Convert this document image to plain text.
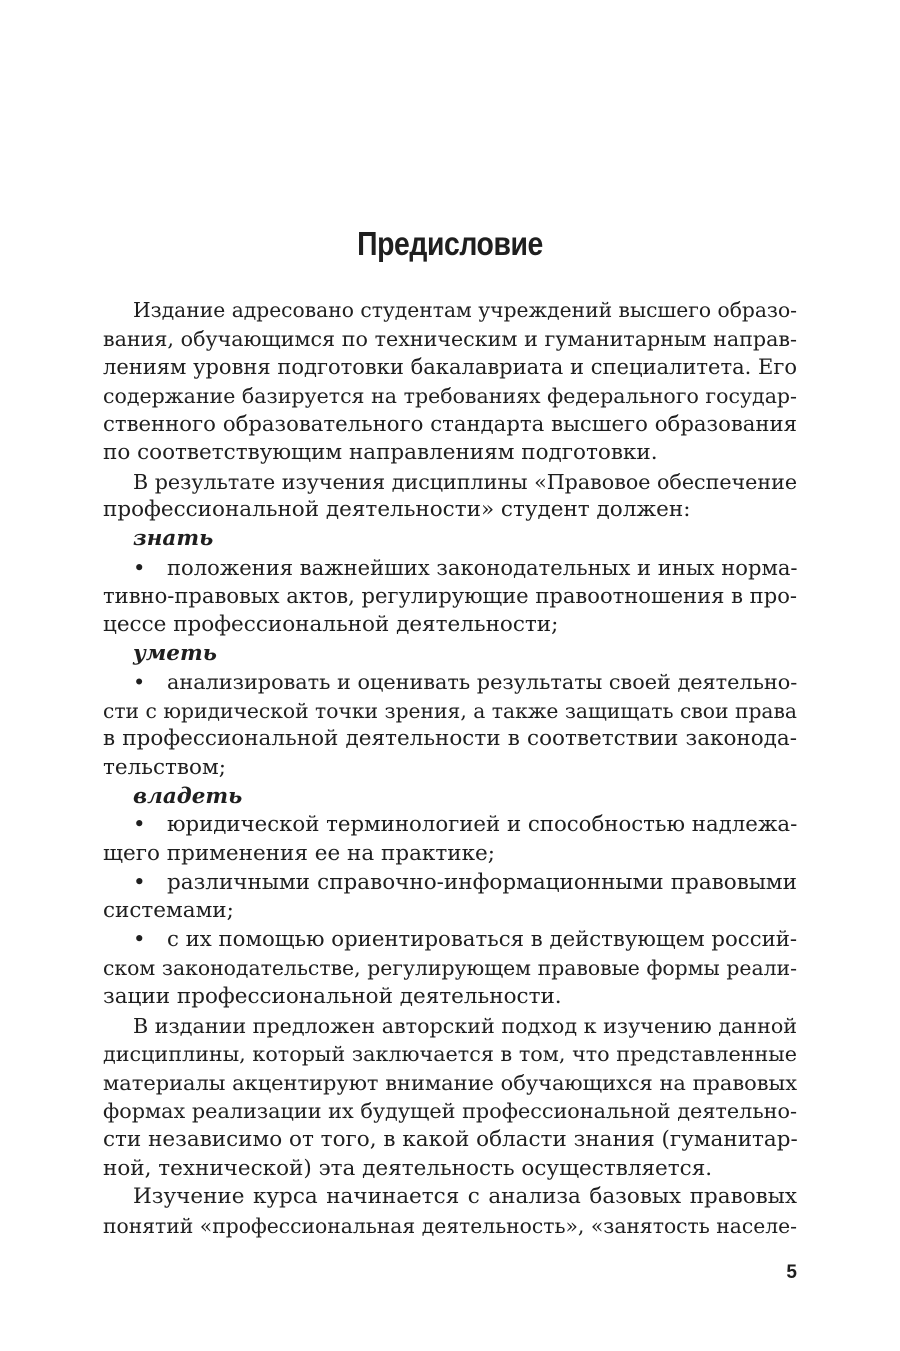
Предисловие
Издание адресовано студентам учреждений высшего образо-
вания, обучающимся по техническим и гуманитарным направ-
лениям уровня подготовки бакалавриата и специалитета. Его
содержание базируется на требованиях федерального государ-
ственного образовательного стандарта высшего образования
по соответствующим направлениям подготовки.
В результате изучения дисциплины «Правовое обеспечение
профессиональной деятельности» студент должен:
знать
• положения важнейших законодательных и иных норма-
тивно-правовых актов, регулирующие правоотношения в про-
цессе профессиональной деятельности;
уметь
• анализировать и оценивать результаты своей деятельно-
сти с юридической точки зрения, а также защищать свои права
в профессиональной деятельности в соответствии законода-
тельством;
владеть
• юридической терминологией и способностью надлежа-
щего применения ее на практике;
• различными справочно-информационными правовыми
системами;
• с их помощью ориентироваться в действующем россий-
ском законодательстве, регулирующем правовые формы реали-
зации профессиональной деятельности.
В издании предложен авторский подход к изучению данной
дисциплины, который заключается в том, что представленные
материалы акцентируют внимание обучающихся на правовых
формах реализации их будущей профессиональной деятельно-
сти независимо от того, в какой области знания (гуманитар-
ной, технической) эта деятельность осуществляется.
Изучение курса начинается с анализа базовых правовых
понятий «профессиональная деятельность», «занятость населе-
5
